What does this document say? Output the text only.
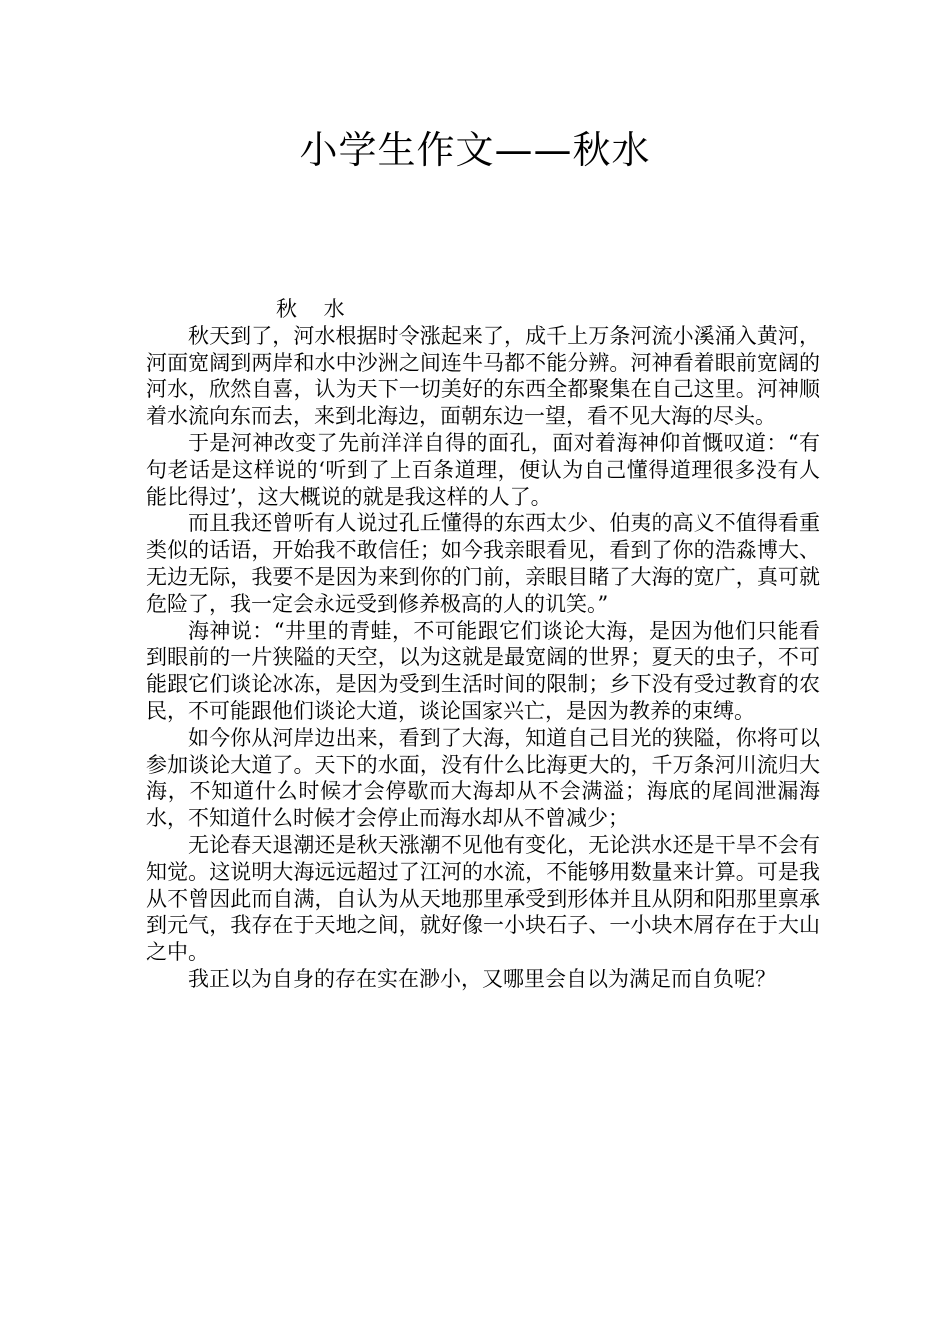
小学生作文——秋水

秋 水

秋天到了，河水根据时令涨起来了，成千上万条河流小溪涌入黄河，河面宽阔到两岸和水中沙洲之间连牛马都不能分辨。河神看着眼前宽阔的河水，欣然自喜，认为天下一切美好的东西全都聚集在自己这里。河神顺着水流向东而去，来到北海边，面朝东边一望，看不见大海的尽头。

于是河神改变了先前洋洋自得的面孔，面对着海神仰首慨叹道：“有句老话是这样说的‘听到了上百条道理，便认为自己懂得道理很多没有人能比得过’，这大概说的就是我这样的人了。

而且我还曾听有人说过孔丘懂得的东西太少、伯夷的高义不值得看重类似的话语，开始我不敢信任；如今我亲眼看见，看到了你的浩淼博大、无边无际，我要不是因为来到你的门前，亲眼目睹了大海的宽广，真可就危险了，我一定会永远受到修养极高的人的讥笑。”

海神说：“井里的青蛙，不可能跟它们谈论大海，是因为他们只能看到眼前的一片狭隘的天空，以为这就是最宽阔的世界；夏天的虫子，不可能跟它们谈论冰冻，是因为受到生活时间的限制；乡下没有受过教育的农民，不可能跟他们谈论大道，谈论国家兴亡，是因为教养的束缚。

如今你从河岸边出来，看到了大海，知道自己目光的狭隘，你将可以参加谈论大道了。天下的水面，没有什么比海更大的，千万条河川流归大海，不知道什么时候才会停歇而大海却从不会满溢；海底的尾闾泄漏海水，不知道什么时候才会停止而海水却从不曾减少；

无论春天退潮还是秋天涨潮不见他有变化，无论洪水还是干旱不会有知觉。这说明大海远远超过了江河的水流，不能够用数量来计算。可是我从不曾因此而自满，自认为从天地那里承受到形体并且从阴和阳那里禀承到元气，我存在于天地之间，就好像一小块石子、一小块木屑存在于大山之中。

我正以为自身的存在实在渺小，又哪里会自以为满足而自负呢？
